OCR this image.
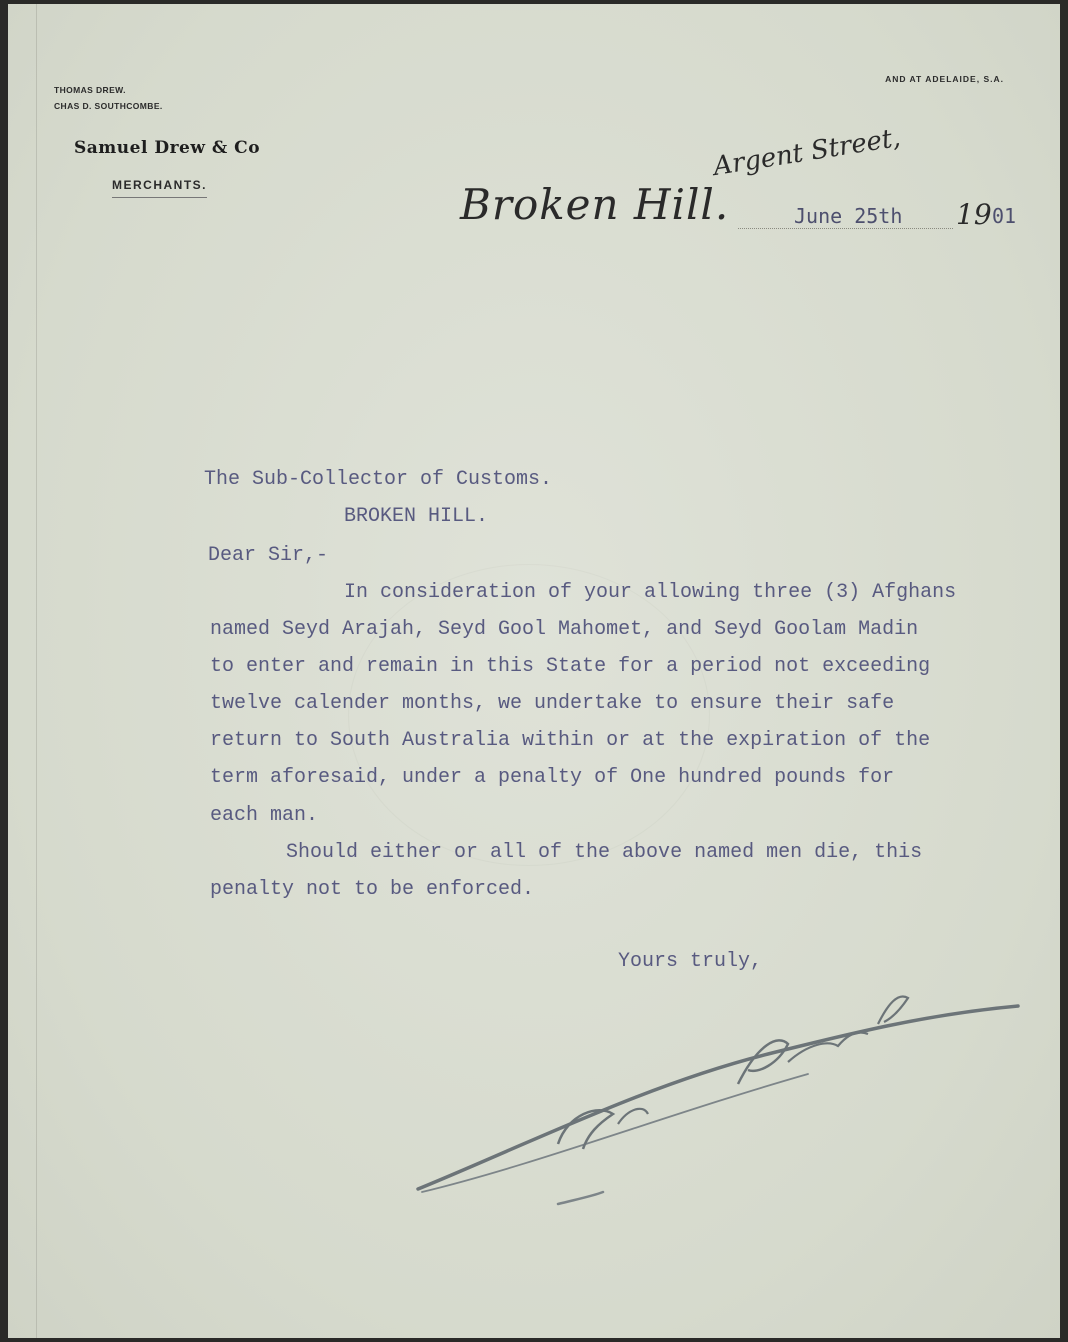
THOMAS DREW.
CHAS D. SOUTHCOMBE.
AND AT ADELAIDE, S.A.
Samuel Drew & Co
MERCHANTS.
Argent Street,
Broken Hill.	June 25th 19 01
The Sub-Collector of Customs.
BROKEN HILL.
Dear Sir,-
In consideration of your allowing three (3) Afghans
named Seyd Arajah, Seyd Gool Mahomet, and Seyd Goolam Madin
to enter and remain in this State for a period not exceeding
twelve calender months, we undertake to ensure their safe
return to South Australia within or at the expiration of the
term aforesaid, under a penalty of One hundred pounds for
each man.
Should either or all of the above named men die, this
penalty not to be enforced.
Yours truly,
